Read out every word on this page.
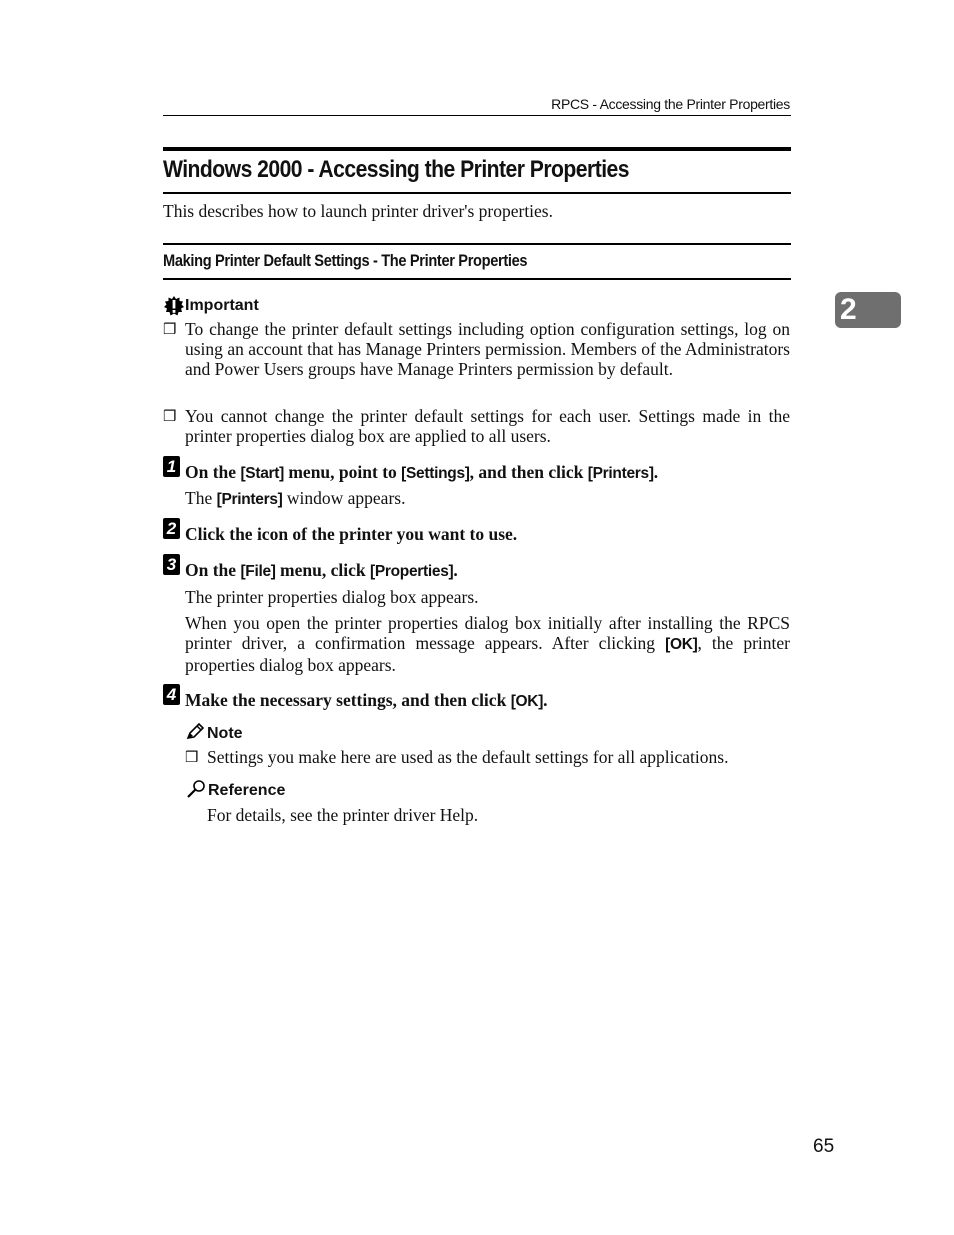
RPCS - Accessing the Printer Properties
Windows 2000 - Accessing the Printer Properties
This describes how to launch printer driver's properties.
Making Printer Default Settings - The Printer Properties
Important
❒ To change the printer default settings including option configuration settings, log on using an account that has Manage Printers permission. Members of the Administrators and Power Users groups have Manage Printers permission by default.
❒ You cannot change the printer default settings for each user. Settings made in the printer properties dialog box are applied to all users.
1 On the [Start] menu, point to [Settings], and then click [Printers].
The [Printers] window appears.
2 Click the icon of the printer you want to use.
3 On the [File] menu, click [Properties].
The printer properties dialog box appears.
When you open the printer properties dialog box initially after installing the RPCS printer driver, a confirmation message appears. After clicking [OK], the printer properties dialog box appears.
4 Make the necessary settings, and then click [OK].
Note
❒ Settings you make here are used as the default settings for all applications.
Reference
For details, see the printer driver Help.
2
65
